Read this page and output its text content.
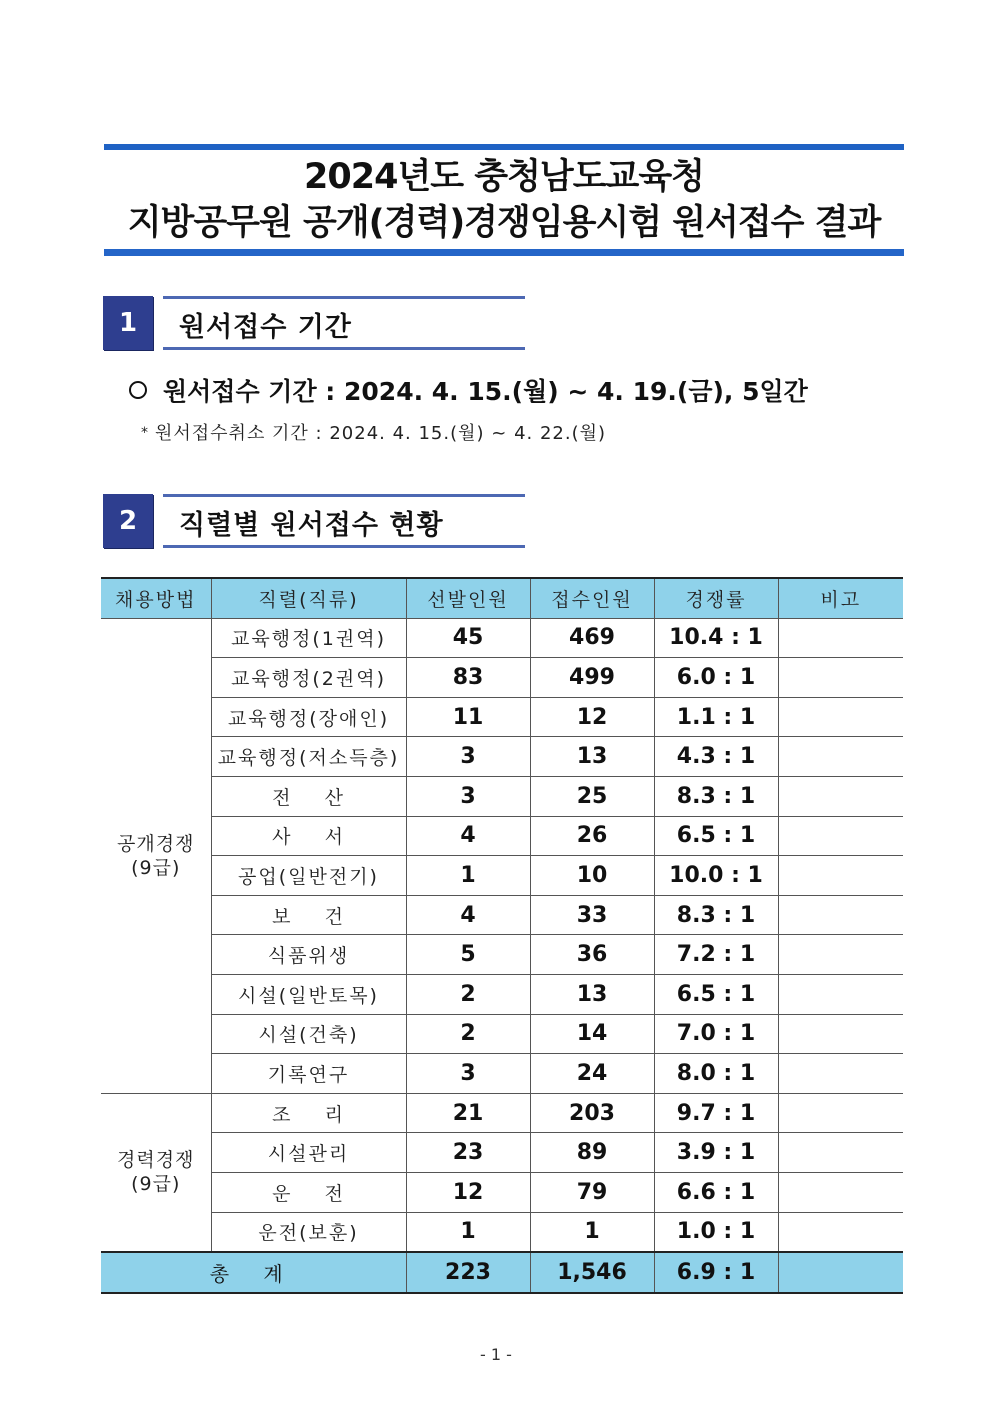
2024년도 충청남도교육청
지방공무원 공개(경력)경쟁임용시험 원서접수 결과
1	원서접수 기간
원서접수 기간 : 2024. 4. 15.(월) ~ 4. 19.(금), 5일간
* 원서접수취소 기간 : 2024. 4. 15.(월) ~ 4. 22.(월)
2	직렬별 원서접수 현황
채용방법	직렬(직류)	선발인원	접수인원	경쟁률	비고

공개경쟁
(9급)	교육행정(1권역)	45	469	10.4 : 1	
	교육행정(2권역)	83	499	6.0 : 1	
	교육행정(장애인)	11	12	1.1 : 1	
	교육행정(저소득층)	3	13	4.3 : 1	
	전    산	3	25	8.3 : 1	
	사    서	4	26	6.5 : 1	
	공업(일반전기)	1	10	10.0 : 1	
	보    건	4	33	8.3 : 1	
	식품위생	5	36	7.2 : 1	
	시설(일반토목)	2	13	6.5 : 1	
	시설(건축)	2	14	7.0 : 1	
	기록연구	3	24	8.0 : 1	

경력경쟁
(9급)	조    리	21	203	9.7 : 1	
	시설관리	23	89	3.9 : 1	
	운    전	12	79	6.6 : 1	
	운전(보훈)	1	1	1.0 : 1	
총 계		223	1,546	6.9 : 1	
- 1 -
